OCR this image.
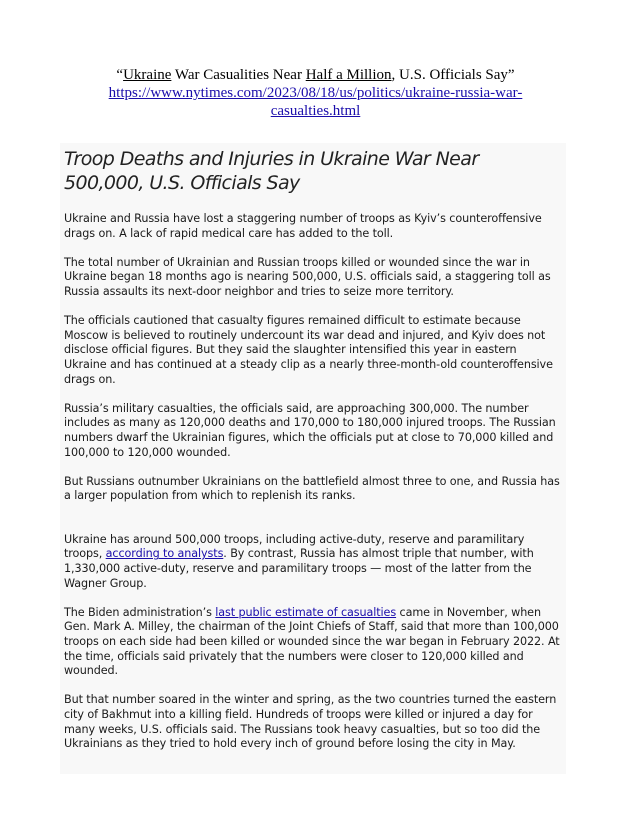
“Ukraine War Casualities Near Half a Million, U.S. Officials Say”
https://www.nytimes.com/2023/08/18/us/politics/ukraine-russia-war-
casualties.html
Troop Deaths and Injuries in Ukraine War Near 500,000, U.S. Officials Say

Ukraine and Russia have lost a staggering number of troops as Kyiv’s counteroffensive drags on. A lack of rapid medical care has added to the toll.

The total number of Ukrainian and Russian troops killed or wounded since the war in Ukraine began 18 months ago is nearing 500,000, U.S. officials said, a staggering toll as Russia assaults its next-door neighbor and tries to seize more territory.

The officials cautioned that casualty figures remained difficult to estimate because Moscow is believed to routinely undercount its war dead and injured, and Kyiv does not disclose official figures. But they said the slaughter intensified this year in eastern Ukraine and has continued at a steady clip as a nearly three-month-old counteroffensive drags on.

Russia’s military casualties, the officials said, are approaching 300,000. The number includes as many as 120,000 deaths and 170,000 to 180,000 injured troops. The Russian numbers dwarf the Ukrainian figures, which the officials put at close to 70,000 killed and 100,000 to 120,000 wounded.

But Russians outnumber Ukrainians on the battlefield almost three to one, and Russia has a larger population from which to replenish its ranks.

Ukraine has around 500,000 troops, including active-duty, reserve and paramilitary troops, according to analysts. By contrast, Russia has almost triple that number, with 1,330,000 active-duty, reserve and paramilitary troops — most of the latter from the Wagner Group.

The Biden administration’s last public estimate of casualties came in November, when Gen. Mark A. Milley, the chairman of the Joint Chiefs of Staff, said that more than 100,000 troops on each side had been killed or wounded since the war began in February 2022. At the time, officials said privately that the numbers were closer to 120,000 killed and wounded.

But that number soared in the winter and spring, as the two countries turned the eastern city of Bakhmut into a killing field. Hundreds of troops were killed or injured a day for many weeks, U.S. officials said. The Russians took heavy casualties, but so too did the Ukrainians as they tried to hold every inch of ground before losing the city in May.
